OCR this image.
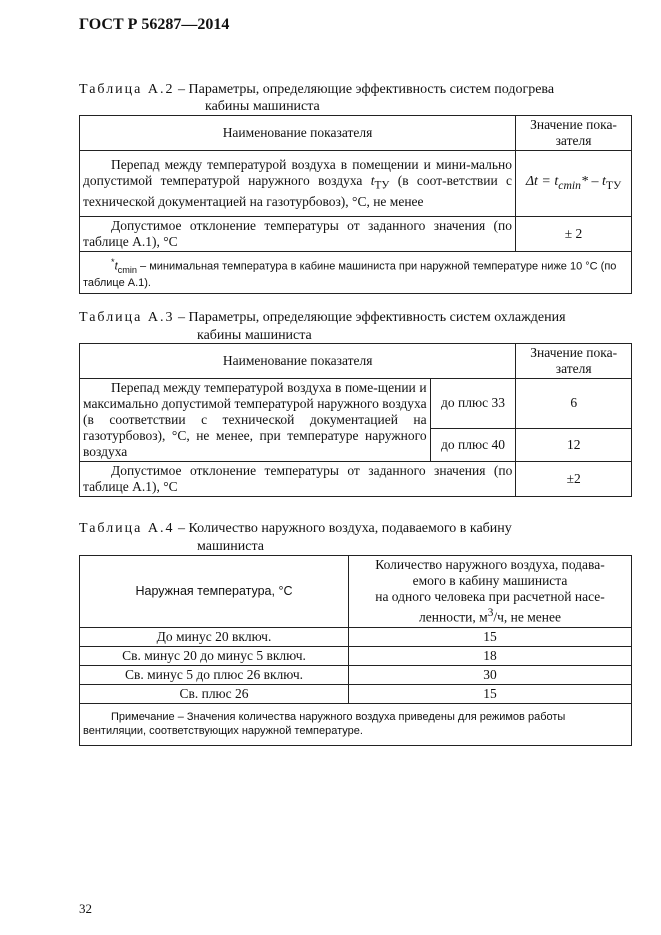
ГОСТ Р 56287—2014
Таблица А.2 – Параметры, определяющие эффективность систем подогрева
кабины машиниста
Наименование показателя	Значение пока-
зателя
Перепад между температурой воздуха в помещении и мини-мально допустимой температурой наружного воздуха $t_{ТУ}$ (в соот-ветствии с технической документацией на газотурбовоз), °С, не менее	$\Delta t = t_{cmin}* - t_{ТУ}$
Допустимое отклонение температуры от заданного значения (по таблице А.1), °С	± 2
$^*t_{cmin}$ – минимальная температура в кабине машиниста при наружной температуре ниже 10 °С (по таблице А.1).	
Таблица А.3 – Параметры, определяющие эффективность систем охлаждения
кабины машиниста
Наименование показателя		Значение пока-
зателя
Перепад между температурой воздуха в поме-щении и максимально допустимой температурой наружного воздуха (в соответствии с технической документацией на газотурбовоз), °С, не менее, при температуре наружного воздуха	до плюс 33	6
	до плюс 40	12
Допустимое отклонение температуры от заданного значения (по таблице А.1), °С		±2
Таблица А.4 – Количество наружного воздуха, подаваемого в кабину
машиниста
Наружная температура, °С	Количество наружного воздуха, подава-
емого в кабину машиниста
на одного человека при расчетной насе-
ленности, $м^3/ч$, не менее
До минус 20 включ.	15
Св. минус 20 до минус 5 включ.	18
Св. минус 5 до плюс 26 включ.	30
Св. плюс 26	15
Примечание – Значения количества наружного воздуха приведены для режимов работы вентиляции, соответствующих наружной температуре.	
32
